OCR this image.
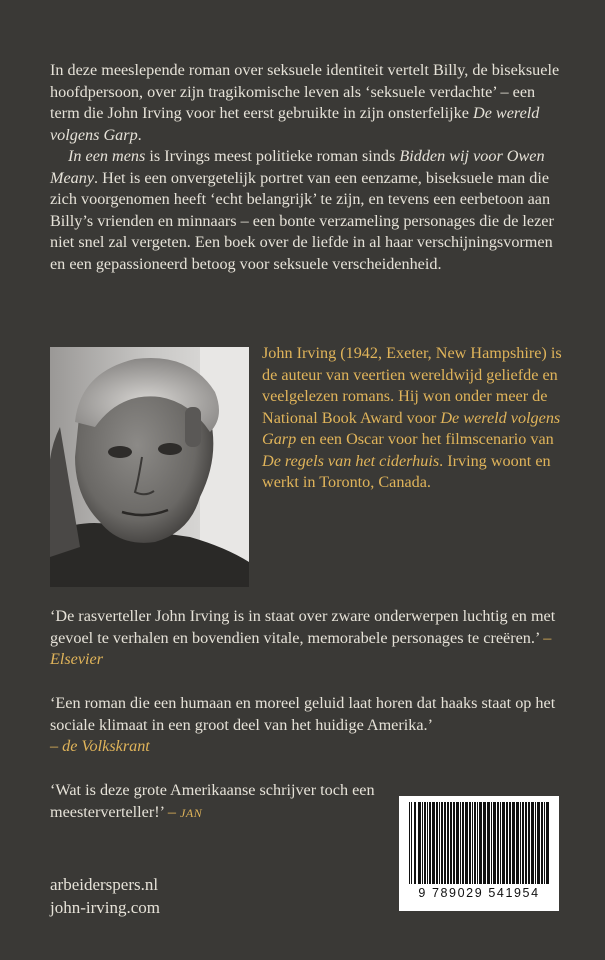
In deze meeslepende roman over seksuele identiteit vertelt Billy, de biseksuele hoofdpersoon, over zijn tragikomische leven als ‘seksuele verdachte’ – een term die John Irving voor het eerst gebruikte in zijn onsterfelijke De wereld volgens Garp.

In een mens is Irvings meest politieke roman sinds Bidden wij voor Owen Meany. Het is een onvergetelijk portret van een eenzame, biseksuele man die zich voorgenomen heeft ‘echt belangrijk’ te zijn, en tevens een eerbetoon aan Billy’s vrienden en minnaars – een bonte verzameling personages die de lezer niet snel zal vergeten. Een boek over de liefde in al haar verschijningsvormen en een gepassioneerd betoog voor seksuele verscheidenheid.

John Irving (1942, Exeter, New Hampshire) is de auteur van veertien wereldwijd geliefde en veelgelezen romans. Hij won onder meer de National Book Award voor De wereld volgens Garp en een Oscar voor het filmscenario van De regels van het ciderhuis. Irving woont en werkt in Toronto, Canada.
‘De rasverteller John Irving is in staat over zware onderwerpen luchtig en met gevoel te verhalen en bovendien vitale, memorabele personages te creëren.’ – Elsevier
‘Een roman die een humaan en moreel geluid laat horen dat haaks staat op het sociale klimaat in een groot deel van het huidige Amerika.’
– de Volkskrant
‘Wat is deze grote Amerikaanse schrijver toch een meesterverteller!’ – JAN
arbeiderspers.nl
john-irving.com
9 789029 541954
